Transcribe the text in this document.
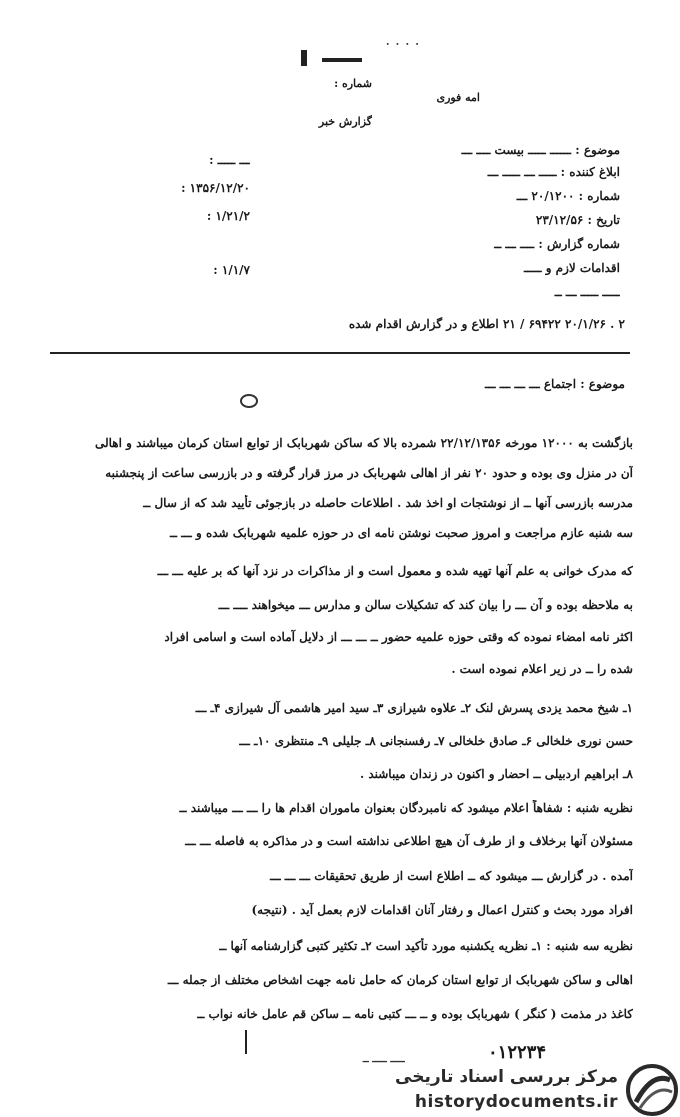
٠ ٠ ٠ ٠
امه فوری
شماره :
گزارش خبر
ـــ ـــــ :
۱۳۵۶/۱۲/۲۰ :
۱/۲۱/۲ :
۱/۱/۷ :
موضوع : ــــــ ـــــ بیست ــــ ـــ
ابلاغ کننده : ـــــ ـــ ـــــ ـــ
شماره : ۲۰/۱۲۰۰ ـــ
تاریخ : ۲۳/۱۲/۵۶
شماره گزارش : ــــ ـــ ــ
اقدامات لازم و ـــــ
ـــــ ـــــ ـــ ــ
۲ . ۲۰/۱/۲۶ ۶۹۴۲۲ / ۲۱ اطلاع و در گزارش اقدام شده
موضوع : اجتماع ـــ ـــ ـــ ـــ
بازگشت به ۱۲۰۰۰ مورخه ۲۲/۱۲/۱۳۵۶ شمرده بالا که ساکن شهربابک از توابع استان کرمان میباشند و اهالی
آن در منزل وی بوده و حدود ۲۰ نفر از اهالی شهربابک در مرز قرار گرفته و در بازرسی ساعت از پنجشنبه
مدرسه بازرسی آنها ــ از نوشتجات او اخذ شد . اطلاعات حاصله در بازجوئی تأیید شد که از سال ــ
سه شنبه عازم مراجعت و امروز صحبت نوشتن نامه ای در حوزه علمیه شهربابک شده و ـــ ــ
که مدرک خوانی به علم آنها تهیه شده و معمول است و از مذاکرات در نزد آنها که بر علیه ـــ ـــ
به ملاحظه بوده و آن ـــ را بیان کند که تشکیلات سالن و مدارس ـــ میخواهند ــــ ـــ
اکثر نامه امضاء نموده که وقتی حوزه علمیه حضور ــ ـــ ـــ از دلایل آماده است و اسامی افراد
شده را ــ در زیر اعلام نموده است .
۱ـ شیخ محمد یزدی پسرش لنک ۲ـ علاوه شیرازی ۳ـ سید امیر هاشمی آل شیرازی ۴ـ ـــ
حسن نوری خلخالی ۶ـ صادق خلخالی ۷ـ رفسنجانی ۸ـ جلیلی ۹ـ منتظری ۱۰ـ ـــ
۸ـ ابراهیم اردبیلی ــ احضار و اکنون در زندان میباشند .
نظریه شنبه : شفاهاً اعلام میشود که نامبردگان بعنوان ماموران اقدام ها را ـــ ـــ میباشند ــ
مسئولان آنها برخلاف و از طرف آن هیچ اطلاعی نداشته است و در مذاکره به فاصله ـــ ـــ
آمده . در گزارش ـــ میشود که ــ اطلاع است از طریق تحقیقات ـــ ـــ ـــ
افراد مورد بحث و کنترل اعمال و رفتار آنان اقدامات لازم بعمل آید . (نتیجه)
نظریه سه شنبه : ۱ـ نظریه یکشنبه مورد تأکید است ۲ـ تکثیر کتبی گزارشنامه آنها ــ
اهالی و ساکن شهربابک از توابع استان کرمان که حامل نامه جهت اشخاص مختلف از جمله ـــ
کاغذ در مذمت ( کنگر ) شهربابک بوده و ــ ـــ کتبی نامه ــ ساکن قم عامل خانه نواب ــ
۰۱۲۲۳۴
ـــــ ـــــ ــ
مرکز بررسی اسناد تاریخی
historydocuments.ir
